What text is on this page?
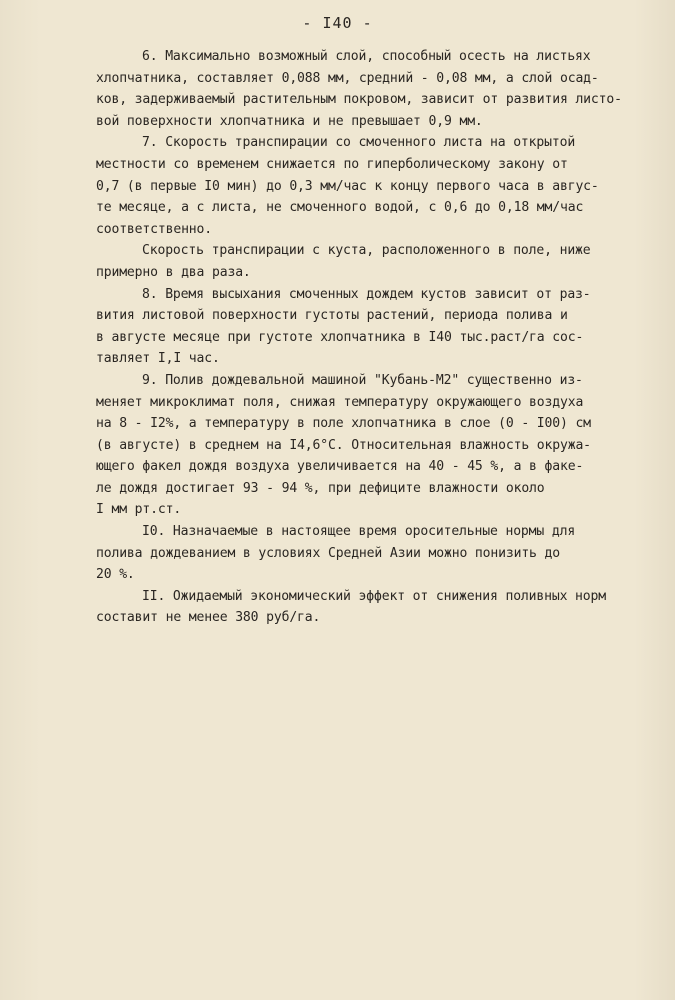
- I40 -
6. Максимально возможный слой, способный осесть на листьях
хлопчатника, составляет 0,088 мм, средний - 0,08 мм, а слой осад-
ков, задерживаемый растительным покровом, зависит от развития листо-
вой поверхности хлопчатника и не превышает 0,9 мм.
7. Скорость транспирации со смоченного листа на открытой
местности со временем снижается по гиперболическому закону от
0,7 (в первые I0 мин) до 0,3 мм/час к концу первого часа в авгус-
те месяце, а с листа, не смоченного водой, с 0,6 до 0,18 мм/час
соответственно.
Скорость транспирации с куста, расположенного в поле, ниже
примерно в два раза.
8. Время высыхания смоченных дождем кустов зависит от раз-
вития листовой поверхности густоты растений, периода полива и
в августе месяце при густоте хлопчатника в I40 тыс.раст/га сос-
тавляет I,I час.
9. Полив дождевальной машиной "Кубань-М2" существенно из-
меняет микроклимат поля, снижая температуру окружающего воздуха
на 8 - I2%, а температуру в поле хлопчатника в слое (0 - I00) см
(в августе) в среднем на I4,6°C. Относительная влажность окружа-
ющего факел дождя воздуха увеличивается на 40 - 45 %, а в факе-
ле дождя достигает 93 - 94 %, при дефиците влажности около
I мм рт.ст.
I0. Назначаемые в настоящее время оросительные нормы для
полива дождеванием в условиях Средней Азии можно понизить до
20 %.
II. Ожидаемый экономический эффект от снижения поливных норм
составит не менее 380 руб/га.
